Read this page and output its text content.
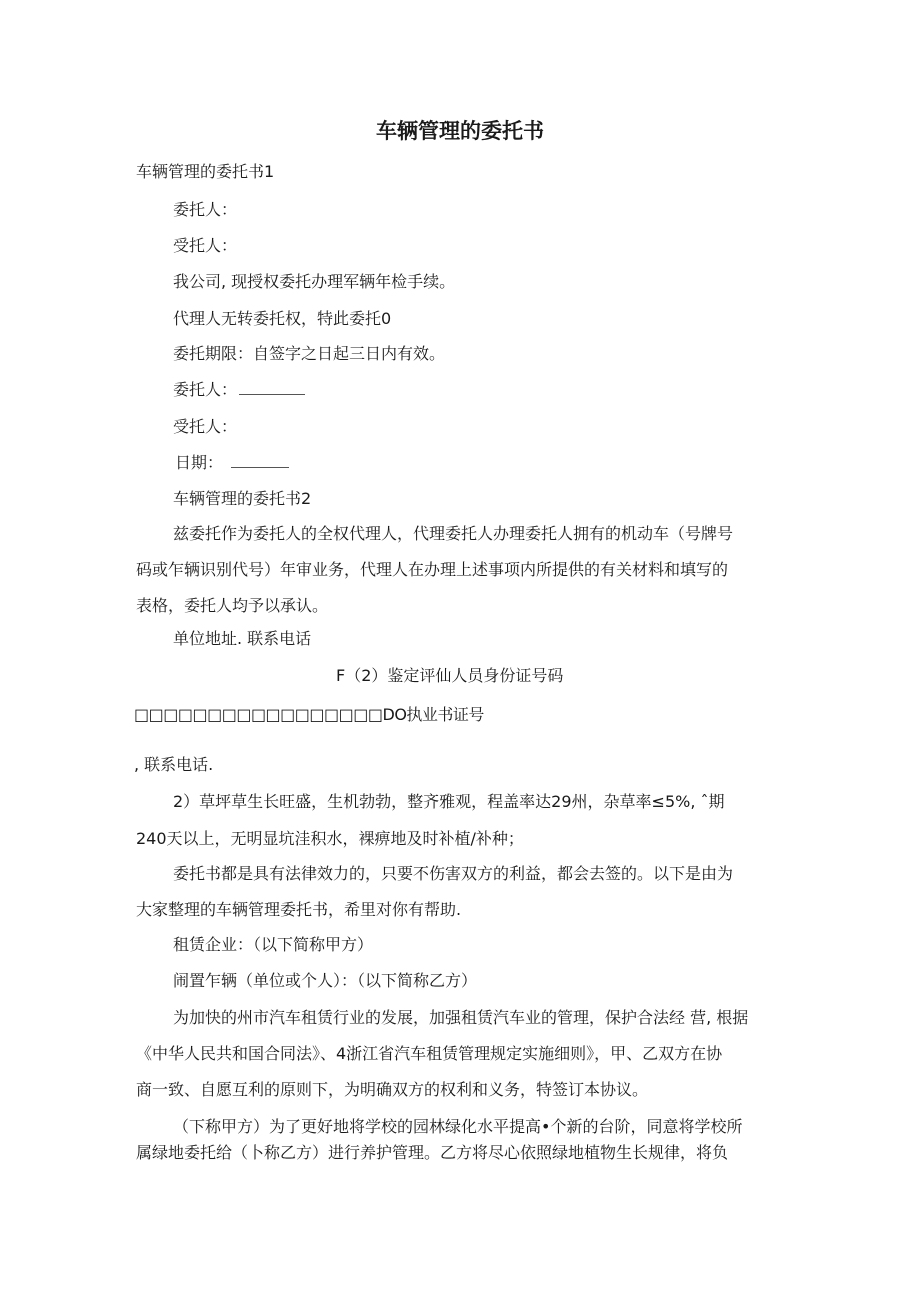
车辆管理的委托书
车辆管理的委托书1
委托人：
受托人：
我公司, 现授权委托办理军辆年检手续。
代理人无转委托权，特此委托0
委托期限：自签字之日起三日内有效。
委托人：
受托人：
日期：
车辆管理的委托书2
兹委托作为委托人的全权代理人，代理委托人办理委托人拥有的机动车（号牌号
码或乍辆识别代号）年审业务，代理人在办理上述事项内所提供的有关材料和填写的
表格，委托人均予以承认。
单位地址. 联系电话
F（2）鉴定评仙人员身份证号码
□□□□□□□□□□□□□□□□□DO执业书证号
, 联系电话.
2）草坪草生长旺盛，生机勃勃，整齐雅观，程盖率达29州，杂草率≤5%, ˆ期
240天以上，无明显坑洼积水，裸痹地及时补植/补种；
委托书都是具有法律效力的，只要不伤害双方的利益，都会去签的。以下是由为
大家整理的车辆管理委托书，希里对你有帮助.
租赁企业：（以下简称甲方）
闹置乍辆（单位或个人）：（以下简称乙方）
为加快的州市汽车租赁行业的发展，加强租赁汽车业的管理，保护合法经 营, 根据
《中华人民共和国合同法》、4浙江省汽车租赁管理规定实施细则》，甲、乙双方在协
商一致、自愿互利的原则下，为明确双方的权利和义务，特签订本协议。
（下称甲方）为了更好地将学校的园林绿化水平提高•个新的台阶，同意将学校所
属绿地委托给（卜称乙方）进行养护管理。乙方将尽心依照绿地植物生长规律，将负
